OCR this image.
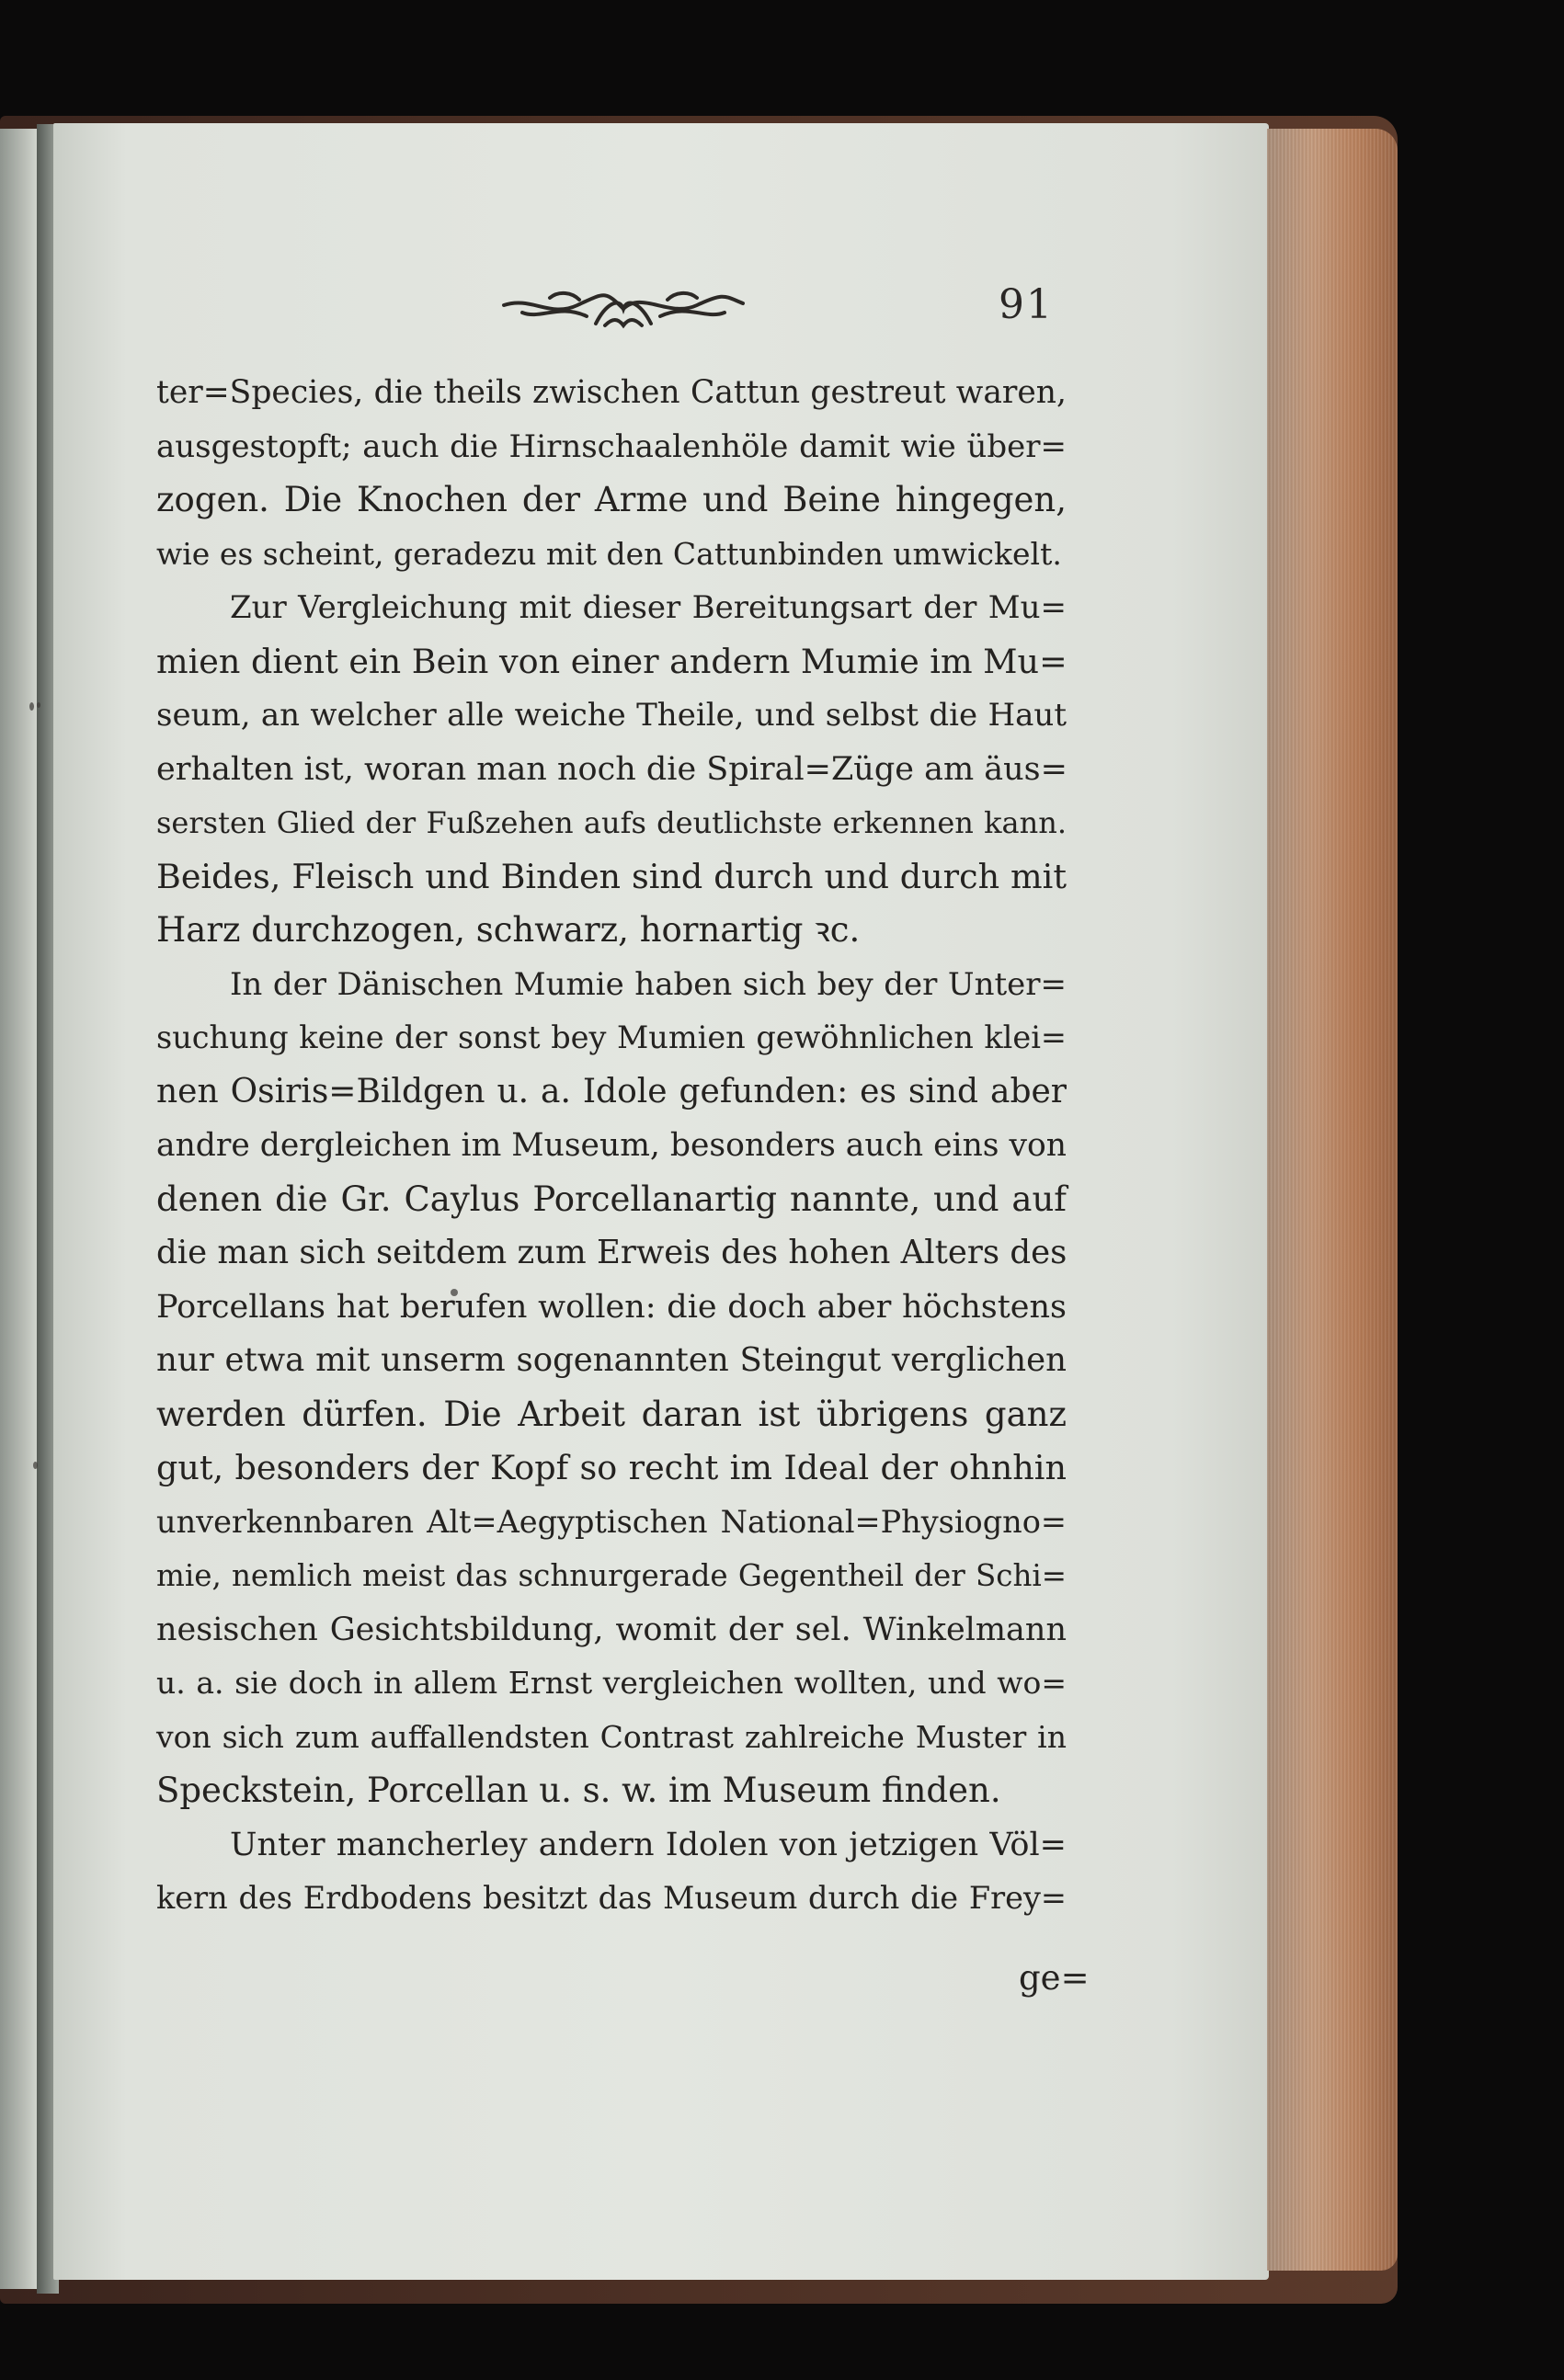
91
ter=Species, die theils zwischen Cattun gestreut waren,
ausgestopft; auch die Hirnschaalenhöle damit wie über=
zogen. Die Knochen der Arme und Beine hingegen,
wie es scheint, geradezu mit den Cattunbinden umwickelt.
Zur Vergleichung mit dieser Bereitungsart der Mu=
mien dient ein Bein von einer andern Mumie im Mu=
seum, an welcher alle weiche Theile, und selbst die Haut
erhalten ist, woran man noch die Spiral=Züge am äus=
sersten Glied der Fußzehen aufs deutlichste erkennen kann.
Beides, Fleisch und Binden sind durch und durch mit
Harz durchzogen, schwarz, hornartig ꝛc.
In der Dänischen Mumie haben sich bey der Unter=
suchung keine der sonst bey Mumien gewöhnlichen klei=
nen Osiris=Bildgen u. a. Idole gefunden: es sind aber
andre dergleichen im Museum, besonders auch eins von
denen die Gr. Caylus Porcellanartig nannte, und auf
die man sich seitdem zum Erweis des hohen Alters des
Porcellans hat berufen wollen: die doch aber höchstens
nur etwa mit unserm sogenannten Steingut verglichen
werden dürfen. Die Arbeit daran ist übrigens ganz
gut, besonders der Kopf so recht im Ideal der ohnhin
unverkennbaren Alt=Aegyptischen National=Physiogno=
mie, nemlich meist das schnurgerade Gegentheil der Schi=
nesischen Gesichtsbildung, womit der sel. Winkelmann
u. a. sie doch in allem Ernst vergleichen wollten, und wo=
von sich zum auffallendsten Contrast zahlreiche Muster in
Speckstein, Porcellan u. s. w. im Museum finden.
Unter mancherley andern Idolen von jetzigen Völ=
kern des Erdbodens besitzt das Museum durch die Frey=
ge=
